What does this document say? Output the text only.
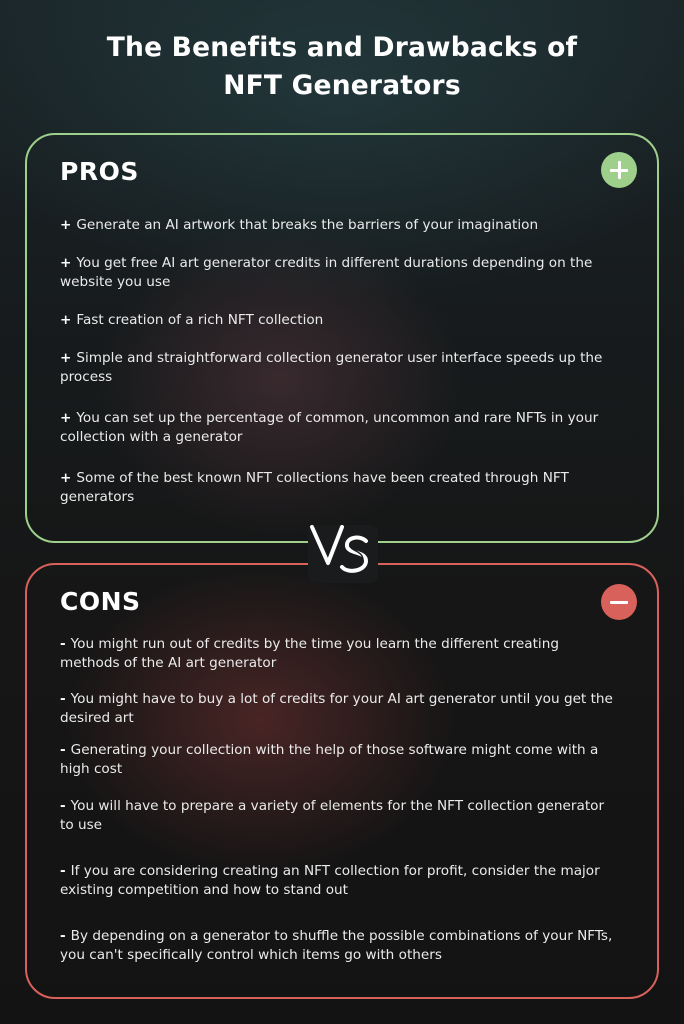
The Benefits and Drawbacks of
NFT Generators
PROS
+ Generate an AI artwork that breaks the barriers of your imagination
+ You get free AI art generator credits in different durations depending on the website you use
+ Fast creation of a rich NFT collection
+ Simple and straightforward collection generator user interface speeds up the process
+ You can set up the percentage of common, uncommon and rare NFTs in your collection with a generator
+ Some of the best known NFT collections have been created through NFT generators
CONS
- You might run out of credits by the time you learn the different creating methods of the AI art generator
- You might have to buy a lot of credits for your AI art generator until you get the desired art
- Generating your collection with the help of those software might come with a high cost
- You will have to prepare a variety of elements for the NFT collection generator to use
- If you are considering creating an NFT collection for profit, consider the major existing competition and how to stand out
- By depending on a generator to shuffle the possible combinations of your NFTs, you can't specifically control which items go with others
VS
